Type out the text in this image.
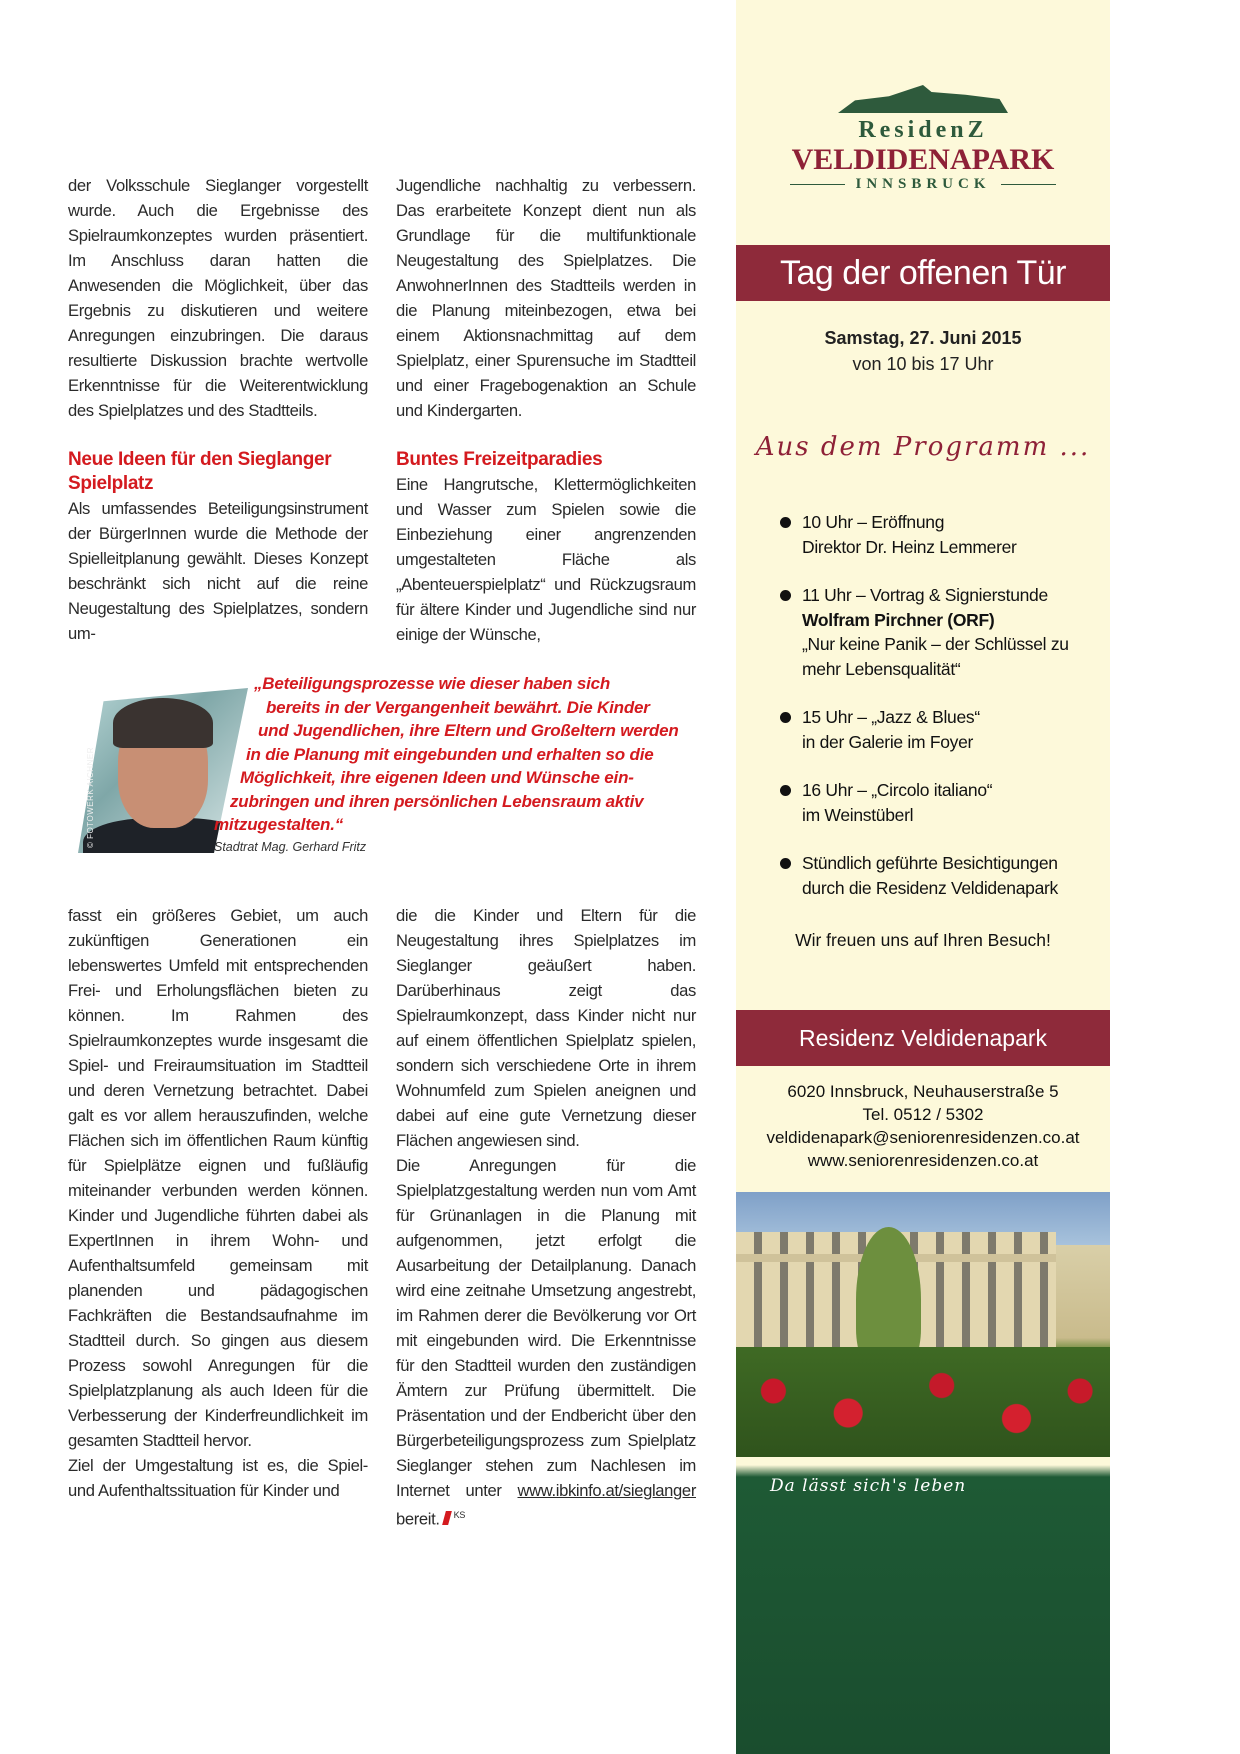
der Volksschule Sieglanger vorgestellt wurde. Auch die Ergebnisse des Spielraumkonzeptes wurden präsentiert. Im Anschluss daran hatten die Anwesenden die Möglichkeit, über das Ergebnis zu diskutieren und weitere Anregungen einzubringen. Die daraus resultierte Diskussion brachte wertvolle Erkenntnisse für die Weiterentwicklung des Spielplatzes und des Stadtteils.

Neue Ideen für den Sieglanger Spielplatz

Als umfassendes Beteiligungsinstrument der BürgerInnen wurde die Methode der Spielleitplanung gewählt. Dieses Konzept beschränkt sich nicht auf die reine Neugestaltung des Spielplatzes, sondern um-

Jugendliche nachhaltig zu verbessern. Das erarbeitete Konzept dient nun als Grundlage für die multifunktionale Neugestaltung des Spielplatzes. Die AnwohnerInnen des Stadtteils werden in die Planung miteinbezogen, etwa bei einem Aktionsnachmittag auf dem Spielplatz, einer Spurensuche im Stadtteil und einer Fragebogenaktion an Schule und Kindergarten.

Buntes Freizeitparadies

Eine Hangrutsche, Klettermöglichkeiten und Wasser zum Spielen sowie die Einbeziehung einer angrenzenden umgestalteten Fläche als „Abenteuerspielplatz“ und Rückzugsraum für ältere Kinder und Jugendliche sind nur einige der Wünsche,

© FOTOWERK AICHNER
„Beteiligungsprozesse wie dieser haben sich
bereits in der Vergangenheit bewährt. Die Kinder
und Jugendlichen, ihre Eltern und Großeltern werden
in die Planung mit eingebunden und erhalten so die
Möglichkeit, ihre eigenen Ideen und Wünsche ein-
zubringen und ihren persönlichen Lebensraum aktiv
mitzugestalten.“
Stadtrat Mag. Gerhard Fritz

fasst ein größeres Gebiet, um auch zukünftigen Generationen ein lebenswertes Umfeld mit entsprechenden Frei- und Erholungsflächen bieten zu können. Im Rahmen des Spielraumkonzeptes wurde insgesamt die Spiel- und Freiraumsituation im Stadtteil und deren Vernetzung betrachtet. Dabei galt es vor allem herauszufinden, welche Flächen sich im öffentlichen Raum künftig für Spielplätze eignen und fußläufig miteinander verbunden werden können. Kinder und Jugendliche führten dabei als ExpertInnen in ihrem Wohn- und Aufenthaltsumfeld gemeinsam mit planenden und pädagogischen Fachkräften die Bestandsaufnahme im Stadtteil durch. So gingen aus diesem Prozess sowohl Anregungen für die Spielplatzplanung als auch Ideen für die Verbesserung der Kinderfreundlichkeit im gesamten Stadtteil hervor.

Ziel der Umgestaltung ist es, die Spiel- und Aufenthaltssituation für Kinder und

die die Kinder und Eltern für die Neugestaltung ihres Spielplatzes im Sieglanger geäußert haben. Darüberhinaus zeigt das Spielraumkonzept, dass Kinder nicht nur auf einem öffentlichen Spielplatz spielen, sondern sich verschiedene Orte in ihrem Wohnumfeld zum Spielen aneignen und dabei auf eine gute Vernetzung dieser Flächen angewiesen sind.

Die Anregungen für die Spielplatzgestaltung werden nun vom Amt für Grünanlagen in die Planung mit aufgenommen, jetzt erfolgt die Ausarbeitung der Detailplanung. Danach wird eine zeitnahe Umsetzung angestrebt, im Rahmen derer die Bevölkerung vor Ort mit eingebunden wird. Die Erkenntnisse für den Stadtteil wurden den zuständigen Ämtern zur Prüfung übermittelt. Die Präsentation und der Endbericht über den Bürgerbeteiligungsprozess zum Spielplatz Sieglanger stehen zum Nachlesen im Internet unter www.ibkinfo.at/sieglanger bereit. $^{KS}$

ResidenZ
VELDIDENAPARK
INNSBRUCK
Tag der offenen Tür
Samstag, 27. Juni 2015
von 10 bis 17 Uhr
Aus dem Programm ...
10 Uhr – Eröffnung
Direktor Dr. Heinz Lemmerer
11 Uhr – Vortrag & Signierstunde
Wolfram Pirchner (ORF)
„Nur keine Panik – der Schlüssel zu
mehr Lebensqualität“
15 Uhr – „Jazz & Blues“
in der Galerie im Foyer
16 Uhr – „Circolo italiano“
im Weinstüberl
Stündlich geführte Besichtigungen
durch die Residenz Veldidenapark
Wir freuen uns auf Ihren Besuch!
Residenz Veldidenapark
6020 Innsbruck, Neuhauserstraße 5
Tel. 0512 / 5302
veldidenapark@seniorenresidenzen.co.at
www.seniorenresidenzen.co.at
Da lässt sich's leben
